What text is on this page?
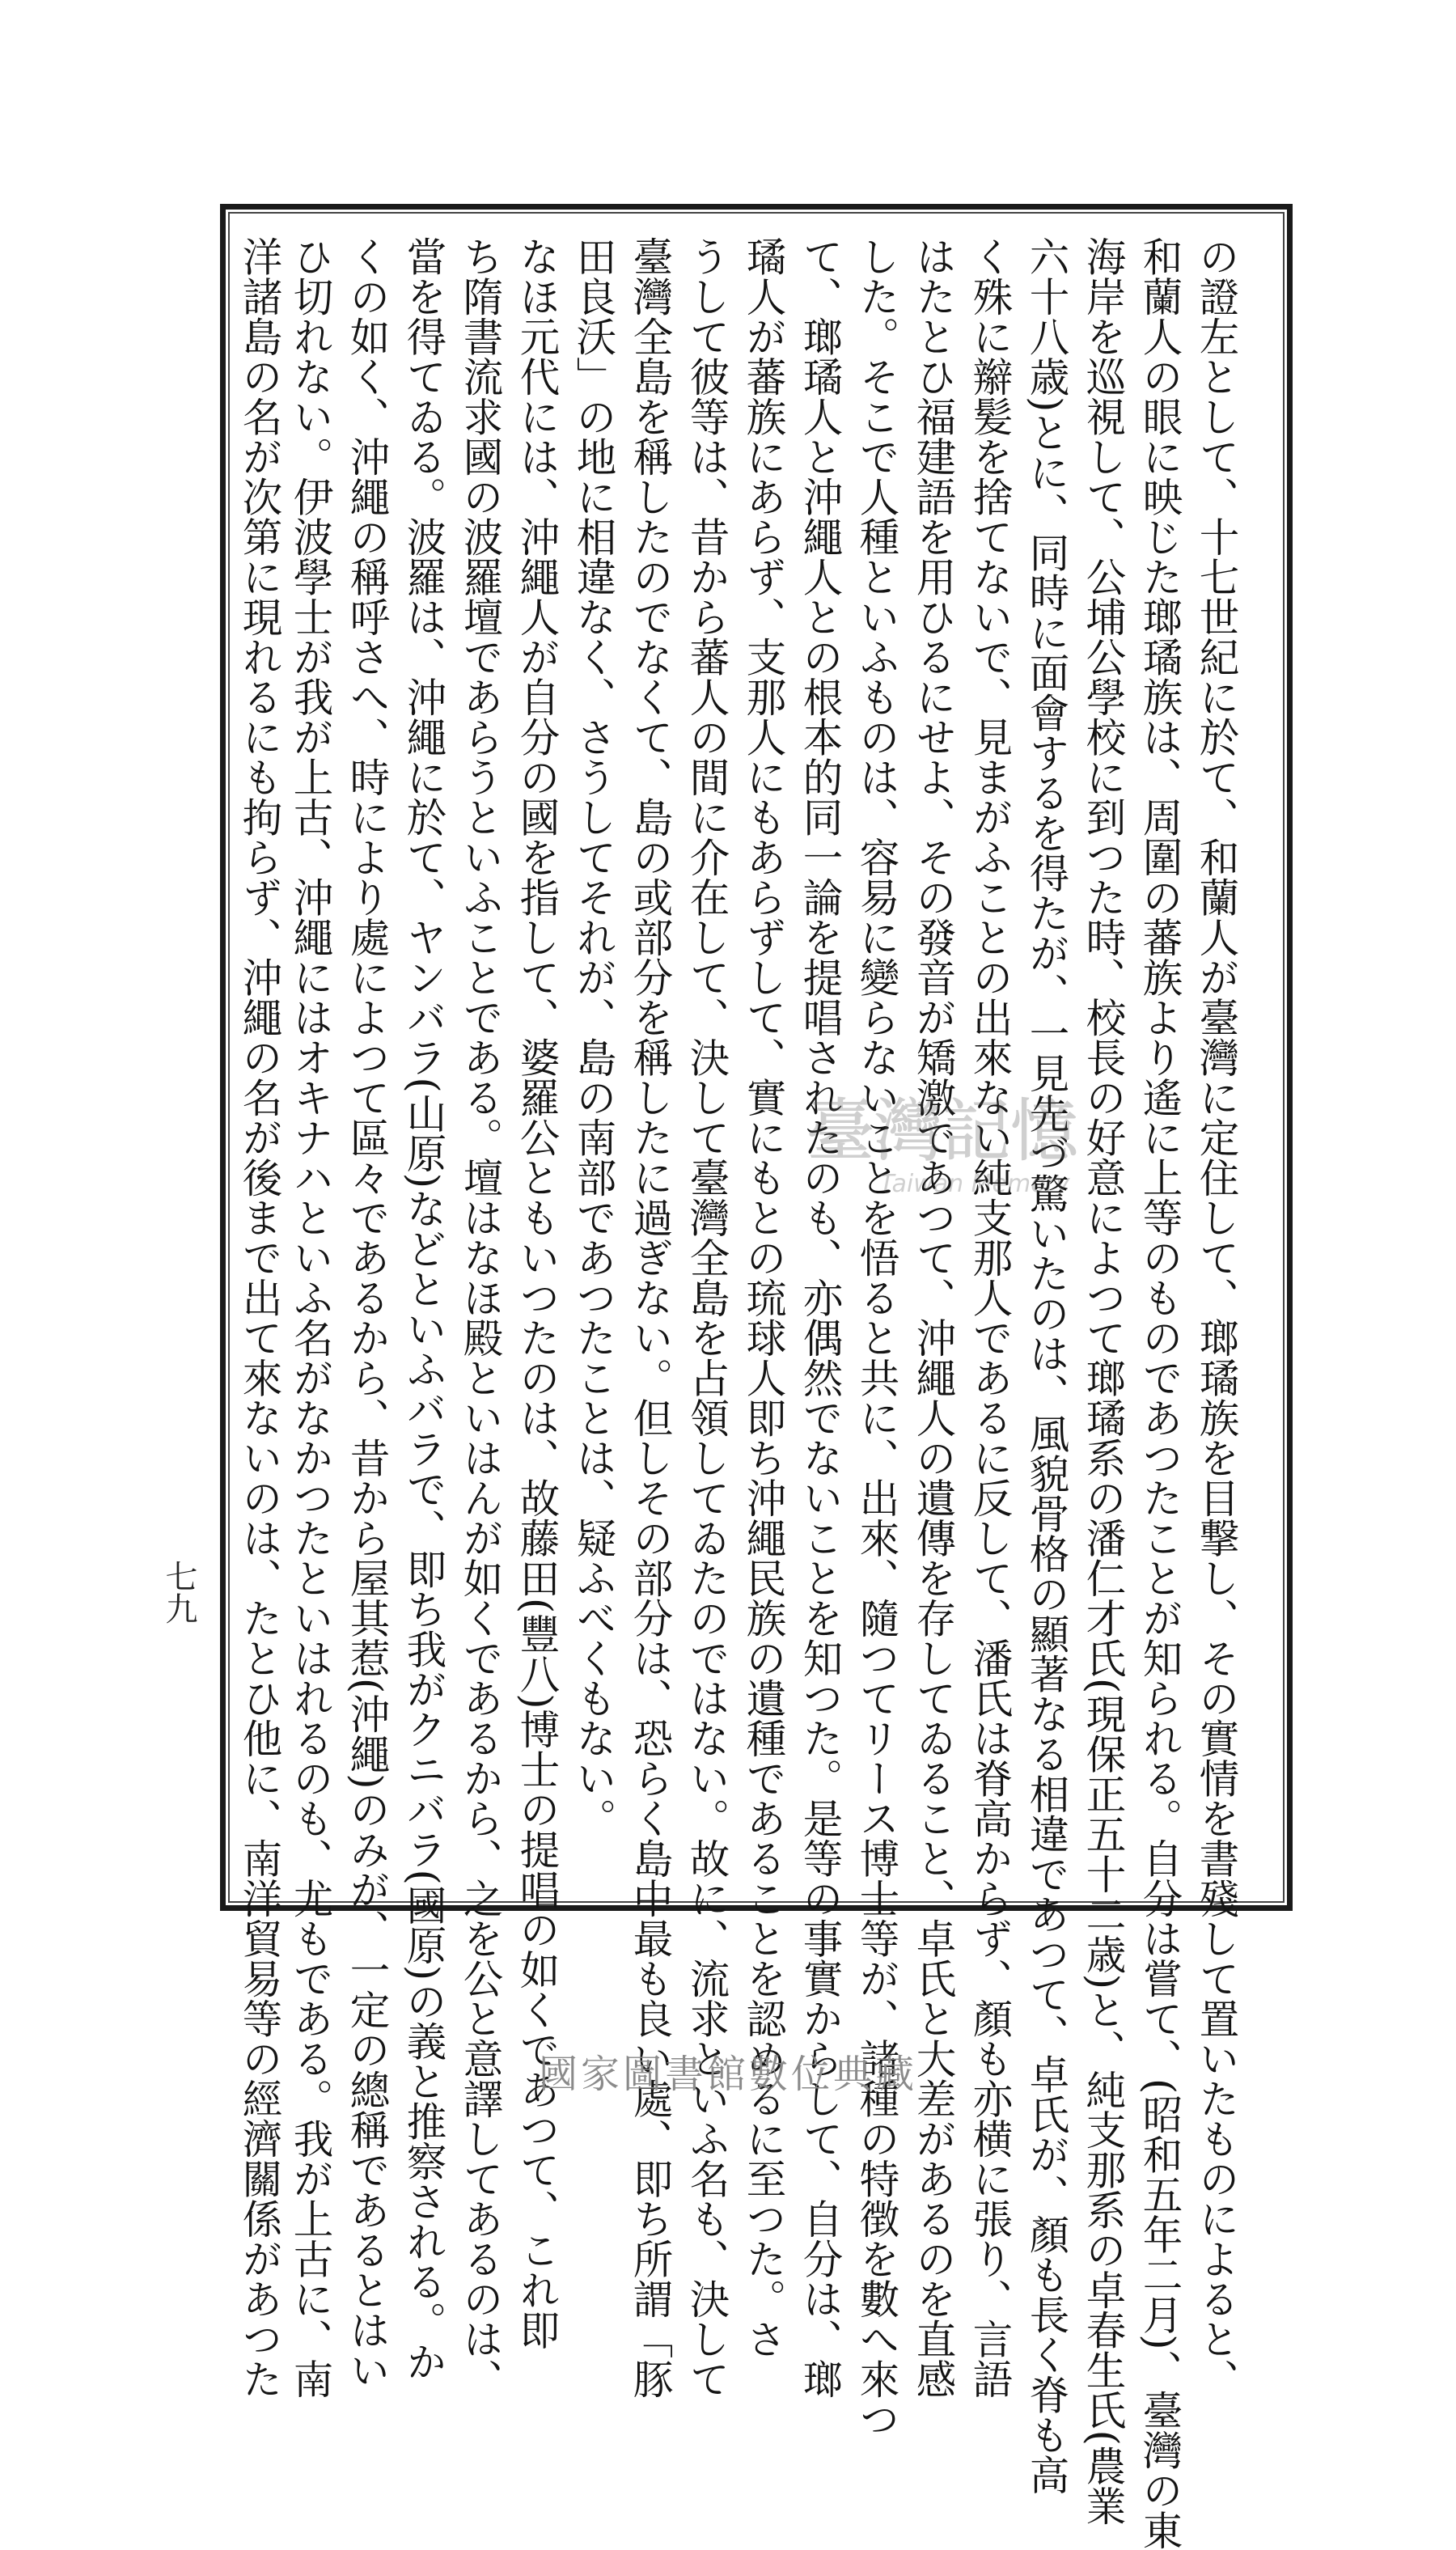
の證左として、十七世紀に於て、和蘭人が臺灣に定住して、瑯璚族を目撃し、その實情を書殘して置いたものによると、
和蘭人の眼に映じた瑯璚族は、周圍の蕃族より遙に上等のものであつたことが知られる。自分は嘗て、(昭和五年二月)、臺灣の東
海岸を巡視して、公埔公學校に到つた時、校長の好意によつて瑯璚系の潘仁才氏(現保正五十二歳)と、純支那系の卓春生氏(農業
六十八歳)とに、同時に面會するを得たが、一見先づ驚いたのは、風貌骨格の顯著なる相違であつて、卓氏が、顏も長く脊も高
く殊に辮髪を捨てないで、見まがふことの出來ない純支那人であるに反して、潘氏は脊高からず、顏も亦横に張り、言語
はたとひ福建語を用ひるにせよ、その發音が矯激であつて、沖繩人の遺傳を存してゐること、卓氏と大差があるのを直感
した。そこで人種といふものは、容易に變らないことを悟ると共に、出來、隨つてリース博士等が、諸種の特徴を數へ來つ
て、瑯璚人と沖繩人との根本的同一論を提唱されたのも、亦偶然でないことを知つた。是等の事實からして、自分は、瑯
璚人が蕃族にあらず、支那人にもあらずして、實にもとの琉球人即ち沖繩民族の遺種であることを認めるに至つた。さ
うして彼等は、昔から蕃人の間に介在して、決して臺灣全島を占領してゐたのではない。故に、流求といふ名も、決して
臺灣全島を稱したのでなくて、島の或部分を稱したに過ぎない。但しその部分は、恐らく島中最も良い處、即ち所謂「豚
田良沃」の地に相違なく、さうしてそれが、島の南部であつたことは、疑ふべくもない。
なほ元代には、沖繩人が自分の國を指して、婆羅公ともいつたのは、故藤田(豐八)博士の提唱の如くであつて、これ即
ち隋書流求國の波羅壇であらうといふことである。壇はなほ殿といはんが如くであるから、之を公と意譯してあるのは、
當を得てゐる。波羅は、沖繩に於て、ヤンバラ(山原)などといふバラで、即ち我がクニバラ(國原)の義と推察される。か
くの如く、沖繩の稱呼さへ、時により處によつて區々であるから、昔から屋其惹(沖繩)のみが、一定の總稱であるとはい
ひ切れない。伊波學士が我が上古、沖繩にはオキナハといふ名がなかつたといはれるのも、尤もである。我が上古に、南
洋諸島の名が次第に現れるにも拘らず、沖繩の名が後まで出て來ないのは、たとひ他に、南洋貿易等の經濟關係があつた
七九
臺灣記憶
Taiwan Memory
國家圖書館數位典藏
